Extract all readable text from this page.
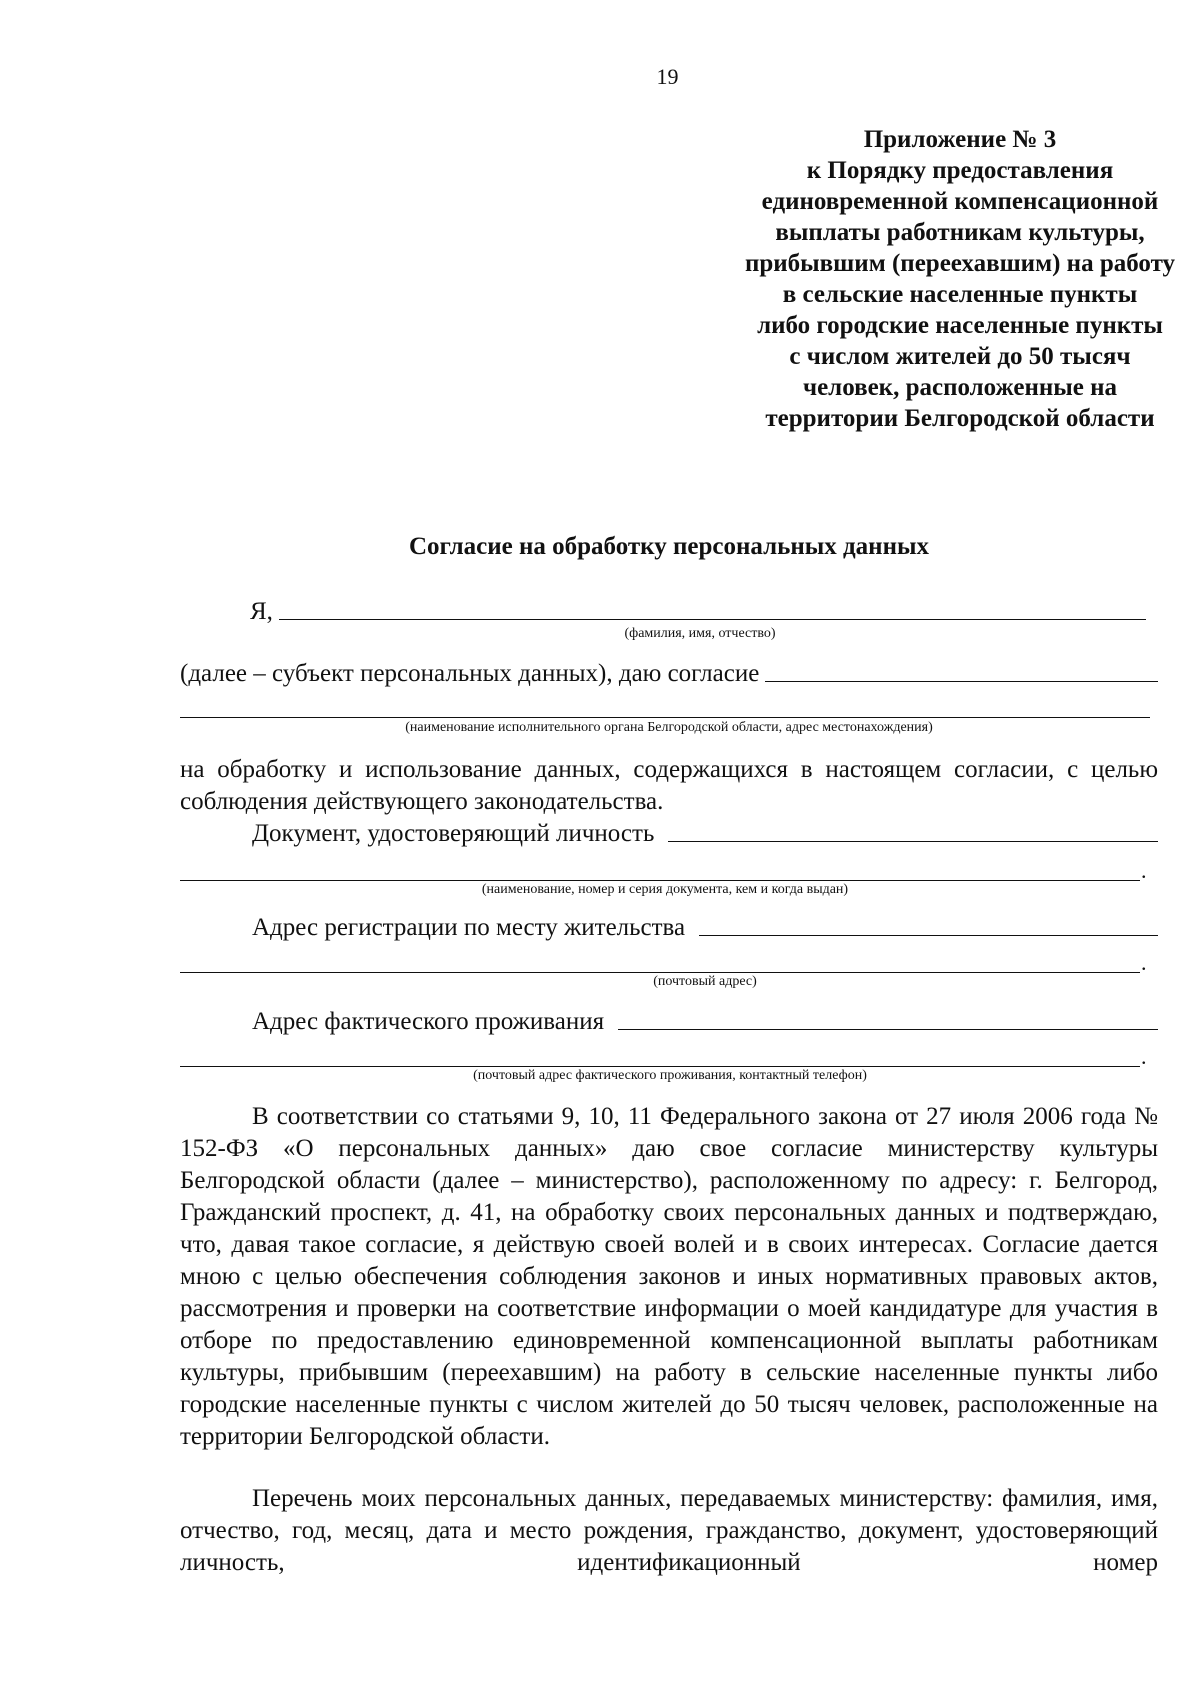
19
Приложение № 3
к Порядку предоставления
единовременной компенсационной
выплаты работникам культуры,
прибывшим (переехавшим) на работу
в сельские населенные пункты
либо городские населенные пункты
с числом жителей до 50 тысяч
человек, расположенные на
территории Белгородской области
Согласие на обработку персональных данных
Я,
(фамилия, имя, отчество)
(далее – субъект персональных данных), даю согласие
(наименование исполнительного органа Белгородской области, адрес местонахождения)

на обработку и использование данных, содержащихся в настоящем согласии, с целью соблюдения действующего законодательства.

Документ, удостоверяющий личность
.
(наименование, номер и серия документа, кем и когда выдан)
Адрес регистрации по месту жительства
.
(почтовый адрес)
Адрес фактического проживания
.
(почтовый адрес фактического проживания, контактный телефон)

В соответствии со статьями 9, 10, 11 Федерального закона от 27 июля 2006 года № 152-ФЗ «О персональных данных» даю свое согласие министерству культуры Белгородской области (далее – министерство), расположенному по адресу: г. Белгород, Гражданский проспект, д. 41, на обработку своих персональных данных и подтверждаю, что, давая такое согласие, я действую своей волей и в своих интересах. Согласие дается мною с целью обеспечения соблюдения законов и иных нормативных правовых актов, рассмотрения и проверки на соответствие информации о моей кандидатуре для участия в отборе по предоставлению единовременной компенсационной выплаты работникам культуры, прибывшим (переехавшим) на работу в сельские населенные пункты либо городские населенные пункты с числом жителей до 50 тысяч человек, расположенные на территории Белгородской области.

Перечень моих персональных данных, передаваемых министерству: фамилия, имя, отчество, год, месяц, дата и место рождения, гражданство, документ, удостоверяющий личность, идентификационный номер
